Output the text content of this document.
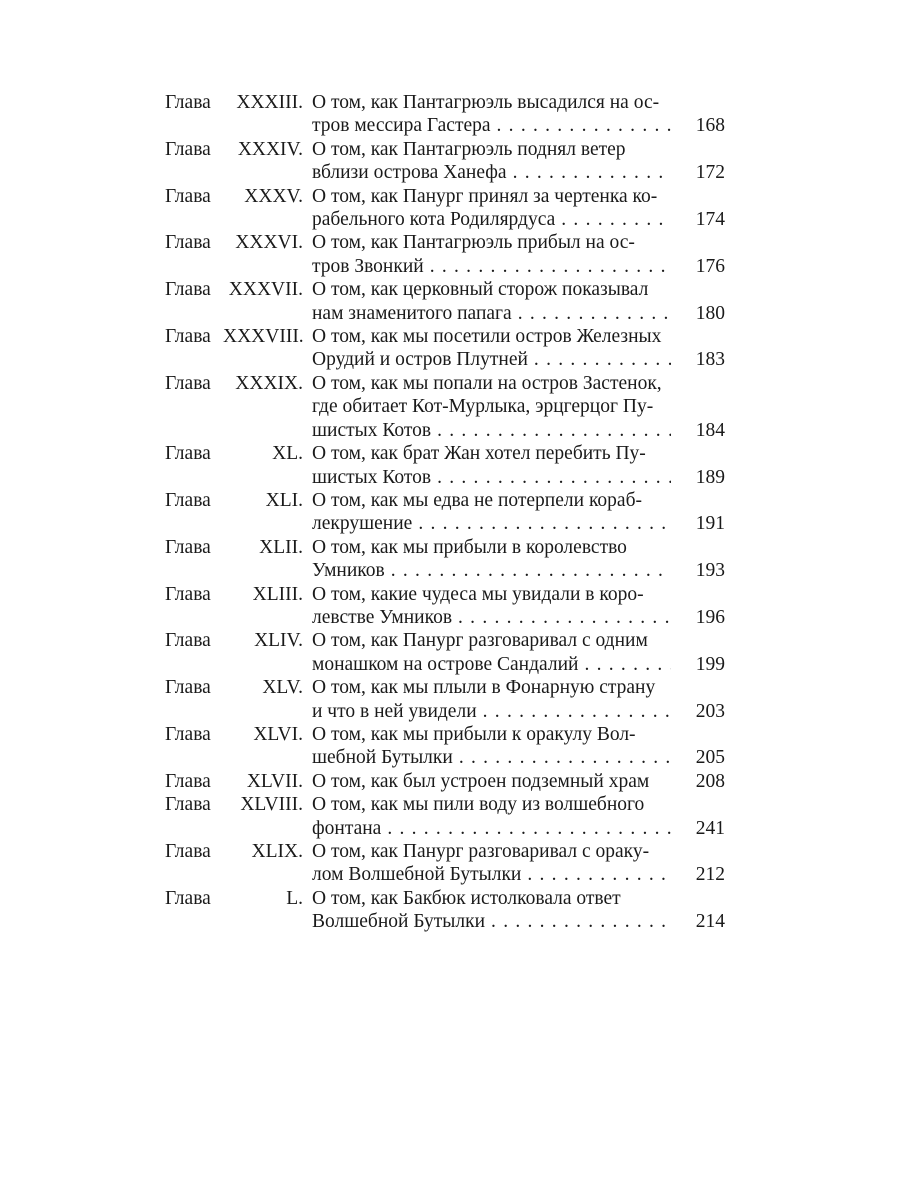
Глава	XXXIII. О том, как Пантагрюэль высадился на ос-
тров мессира Гастера . . .	168
Глава	XXXIV. О том, как Пантагрюэль поднял ветер
вблизи острова Ханефа . . .	172
Глава	XXXV. О том, как Панург принял за чертенка ко-
рабельного кота Родилярдуса . . .	174
Глава	XXXVI. О том, как Пантагрюэль прибыл на ос-
тров Звонкий . . .	176
Глава XXXVII. О том, как церковный сторож показывал
нам знаменитого папага . . .	180
Глава XXXVIII. О том, как мы посетили остров Железных
Орудий и остров Плутней . . .	183
Глава	XXXIX. О том, как мы попали на остров Застенок,
где обитает Кот-Мурлыка, эрцгерцог Пу-
шистых Котов . . .	184
Глава	XL. О том, как брат Жан хотел перебить Пу-
шистых Котов . . .	189
Глава	XLI. О том, как мы едва не потерпели кораб-
лекрушение . . .	191
Глава	XLII. О том, как мы прибыли в королевство
Умников . . .	193
Глава	XLIII. О том, какие чудеса мы увидали в коро-
левстве Умников . . .	196
Глава	XLIV. О том, как Панург разговаривал с одним
монашком на острове Сандалий . . .	199
Глава	XLV. О том, как мы плыли в Фонарную страну
и что в ней увидели . . .	203
Глава	XLVI. О том, как мы прибыли к оракулу Вол-
шебной Бутылки . . .	205
Глава	XLVII. О том, как был устроен подземный храм	208
Глава	XLVIII. О том, как мы пили воду из волшебного
фонтана . . .	241
Глава	XLIX. О том, как Панург разговаривал с ораку-
лом Волшебной Бутылки . . .	212
Глава	L. О том, как Бакбюк истолковала ответ
Волшебной Бутылки . . .	214
